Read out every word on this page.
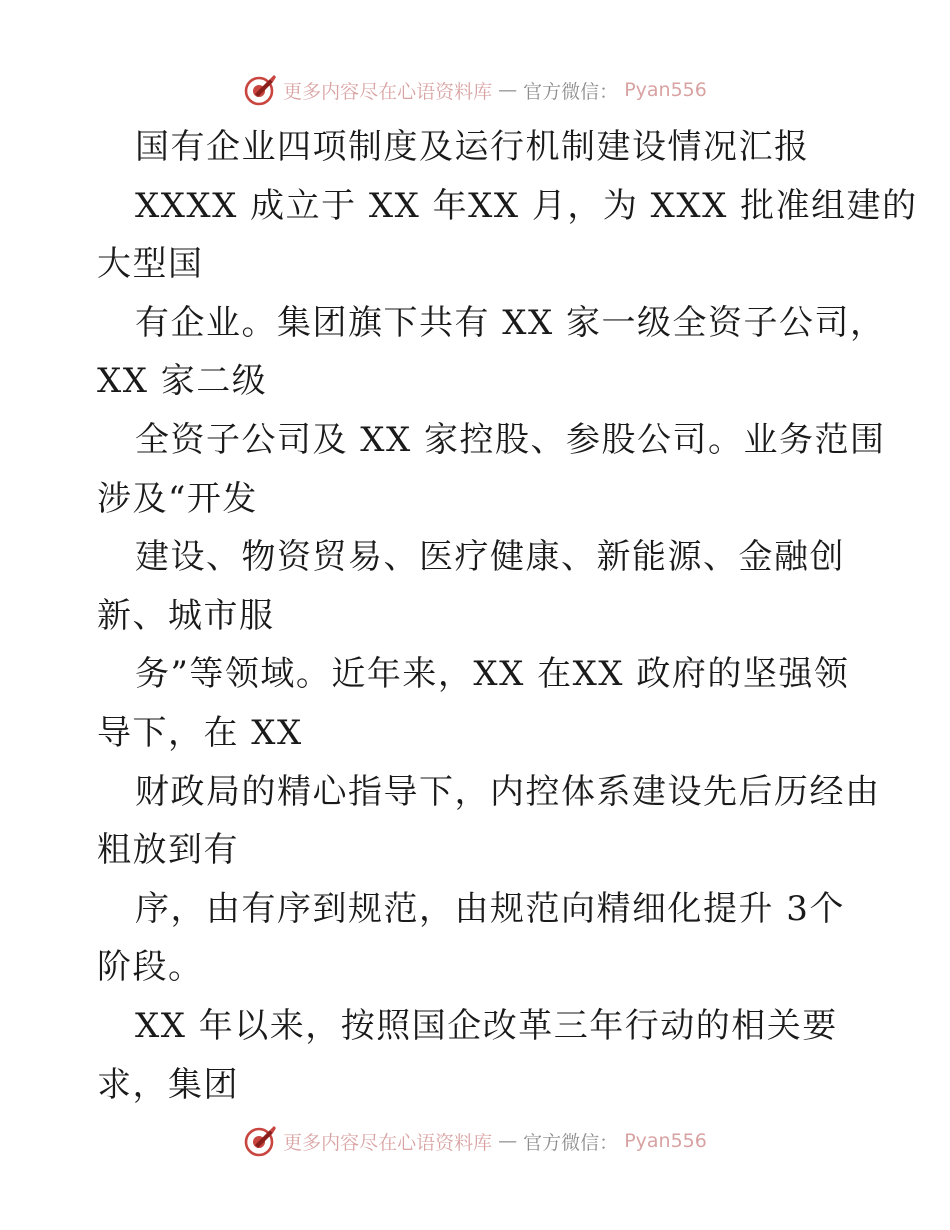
更多内容尽在心语资料库 — 官方微信： Pyan556
国有企业四项制度及运行机制建设情况汇报
XXXX 成立于 XX 年XX 月，为 XXX 批准组建的
大型国
有企业。集团旗下共有 XX 家一级全资子公司，
XX 家二级
全资子公司及 XX 家控股、参股公司。业务范围
涉及“开发
建设、物资贸易、医疗健康、新能源、金融创
新、城市服
务”等领域。近年来，XX 在XX 政府的坚强领
导下，在 XX
财政局的精心指导下，内控体系建设先后历经由
粗放到有
序，由有序到规范，由规范向精细化提升 3个
阶段。
XX 年以来，按照国企改革三年行动的相关要
求，集团
更多内容尽在心语资料库 — 官方微信： Pyan556
